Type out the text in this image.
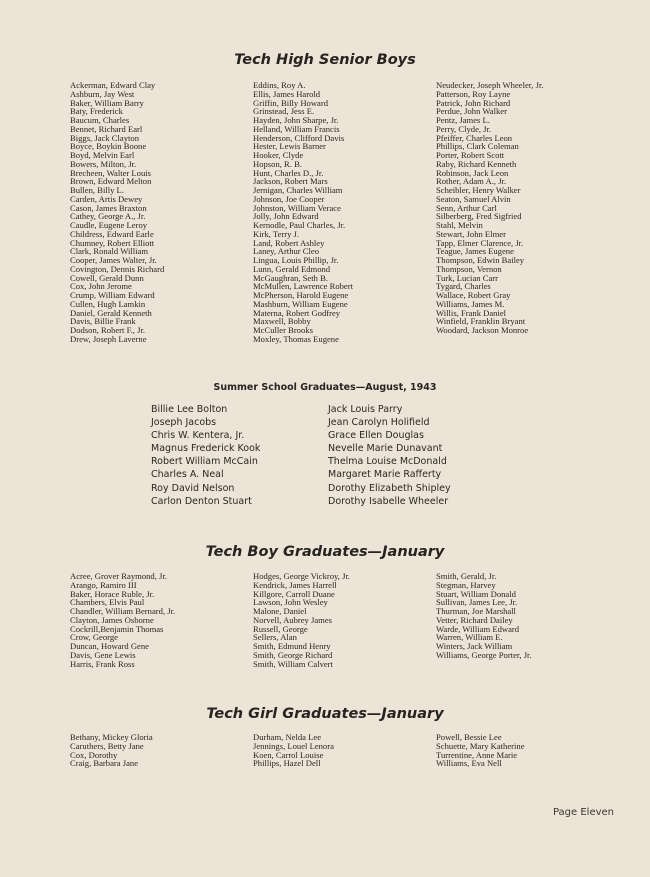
Tech High Senior Boys
Ackerman, Edward Clay
Ashburn, Jay West
Baker, William Barry
Baty, Frederick
Baucum, Charles
Bennet, Richard Earl
Biggs, Jack Clayton
Boyce, Boykin Boone
Boyd, Melvin Earl
Bowers, Milton, Jr.
Brecheen, Walter Louis
Brown, Edward Melton
Bullen, Billy L.
Carden, Artis Dewey
Cason, James Braxton
Cathey, George A., Jr.
Caudle, Eugene Leroy
Childress, Edward Earle
Chumney, Robert Elliott
Clark, Ronald William
Cooper, James Walter, Jr.
Covington, Dennis Richard
Cowell, Gerald Dunn
Cox, John Jerome
Crump, William Edward
Cullen, Hugh Lamkin
Daniel, Gerald Kenneth
Davis, Billie Frank
Dodson, Robert F., Jr.
Drew, Joseph Laverne
Eddins, Roy A.
Ellis, James Harold
Griffin, Billy Howard
Grinstead, Jess E.
Hayden, John Sharpe, Jr.
Helland, William Francis
Henderson, Clifford Davis
Hester, Lewis Barner
Hooker, Clyde
Hopson, R. B.
Hunt, Charles D., Jr.
Jackson, Robert Mars
Jernigan, Charles William
Johnson, Joe Cooper
Johnston, William Verace
Jolly, John Edward
Kernodle, Paul Charles, Jr.
Kirk, Terry J.
Land, Robert Ashley
Laney, Arthur Cleo
Lingua, Louis Phillip, Jr.
Lunn, Gerald Edmond
McGaughran, Seth B.
McMullen, Lawrence Robert
McPherson, Harold Eugene
Mashburn, William Eugene
Materna, Robert Godfrey
Maxwell, Bobby
McCuller Brooks
Moxley, Thomas Eugene
Neudecker, Joseph Wheeler, Jr.
Patterson, Roy Layne
Patrick, John Richard
Perdue, John Walker
Pentz, James L.
Perry, Clyde, Jr.
Pfeiffer, Charles Leon
Phillips, Clark Coleman
Porter, Robert Scott
Raby, Richard Kenneth
Robinson, Jack Leon
Rother, Adam A., Jr.
Scheibler, Henry Walker
Seaton, Samuel Alvin
Senn, Arthur Carl
Silberberg, Fred Sigfried
Stahl, Melvin
Stewart, John Elmer
Tapp, Elmer Clarence, Jr.
Teague, James Eugene
Thompson, Edwin Bailey
Thompson, Vernon
Turk, Lucian Carr
Tygard, Charles
Wallace, Robert Gray
Williams, James M.
Willis, Frank Daniel
Winfield, Franklin Bryant
Woodard, Jackson Monroe
Summer School Graduates—August, 1943
Billie Lee Bolton
Joseph Jacobs
Chris W. Kentera, Jr.
Magnus Frederick Kook
Robert William McCain
Charles A. Neal
Roy David Nelson
Carlon Denton Stuart
Jack Louis Parry
Jean Carolyn Holifield
Grace Ellen Douglas
Nevelle Marie Dunavant
Thelma Louise McDonald
Margaret Marie Rafferty
Dorothy Elizabeth Shipley
Dorothy Isabelle Wheeler
Tech Boy Graduates—January
Acree, Grover Raymond, Jr.
Arango, Ramiro III
Baker, Horace Ruble, Jr.
Chambers, Elvis Paul
Chandler, William Bernard, Jr.
Clayton, James Osborne
Cockrill,Benjamin Thomas
Crow, George
Duncan, Howard Gene
Davis, Gene Lewis
Harris, Frank Ross
Hodges, George Vickroy, Jr.
Kendrick, James Harrell
Killgore, Carroll Duane
Lawson, John Wesley
Malone, Daniel
Norvell, Aubrey James
Russell, George
Sellers, Alan
Smith, Edmund Henry
Smith, George Richard
Smith, William Calvert
Smith, Gerald, Jr.
Stegman, Harvey
Stuart, William Donald
Sullivan, James Lee, Jr.
Thurman, Joe Marshall
Vetter, Richard Dailey
Warde, William Edward
Warren, William E.
Winters, Jack William
Williams, George Porter, Jr.
Tech Girl Graduates—January
Bethany, Mickey Gloria
Caruthers, Betty Jane
Cox, Dorothy
Craig, Barbara Jane
Durham, Nelda Lee
Jennings, Louel Lenora
Koen, Carrol Louise
Phillips, Hazel Dell
Powell, Bessie Lee
Schuette, Mary Katherine
Turrentine, Anne Marie
Williams, Eva Nell
Page Eleven
